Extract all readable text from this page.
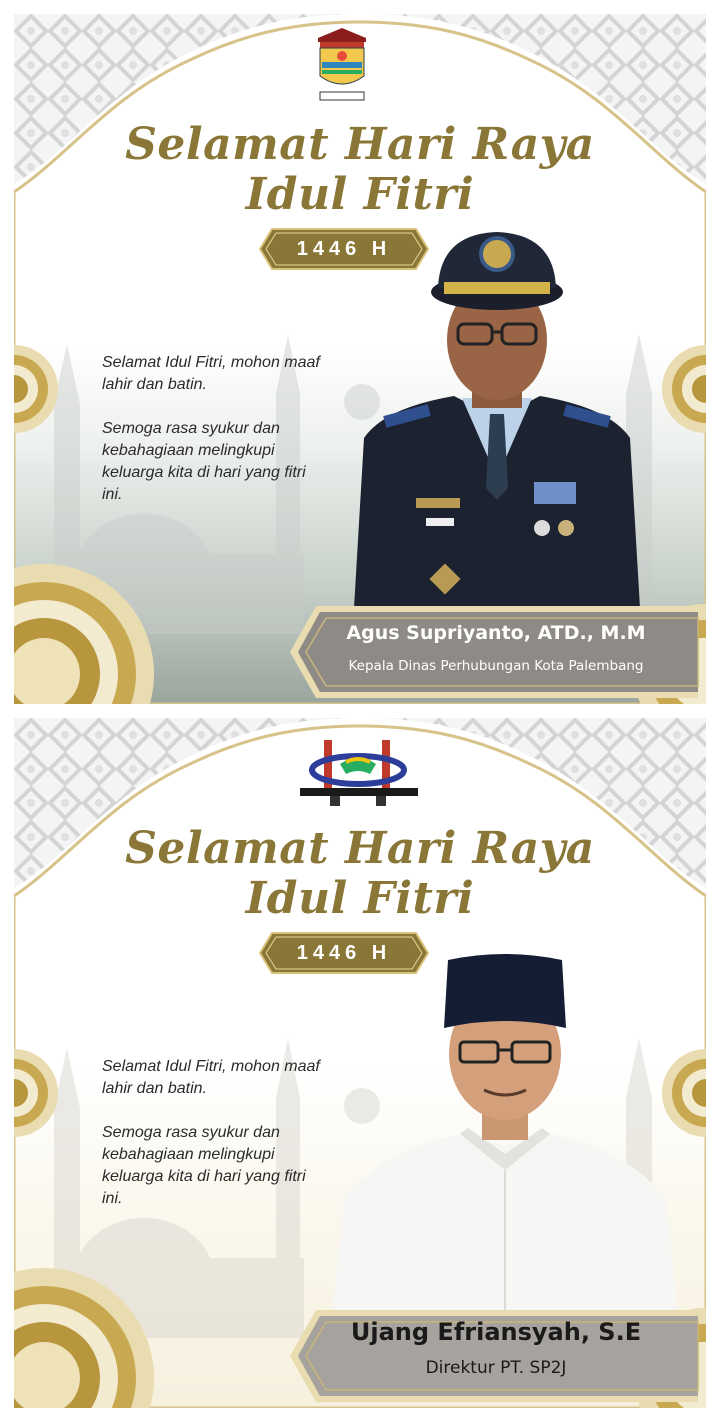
Selamat Hari Raya
Idul Fitri
1446 H

Selamat Idul Fitri, mohon maaf lahir dan batin.

Semoga rasa syukur dan kebahagiaan melingkupi keluarga kita di hari yang fitri ini.

Agus Supriyanto, ATD., M.M
Kepala Dinas Perhubungan Kota Palembang
Selamat Hari Raya
Idul Fitri
1446 H

Selamat Idul Fitri, mohon maaf lahir dan batin.

Semoga rasa syukur dan kebahagiaan melingkupi keluarga kita di hari yang fitri ini.

Ujang Efriansyah, S.E
Direktur PT. SP2J
